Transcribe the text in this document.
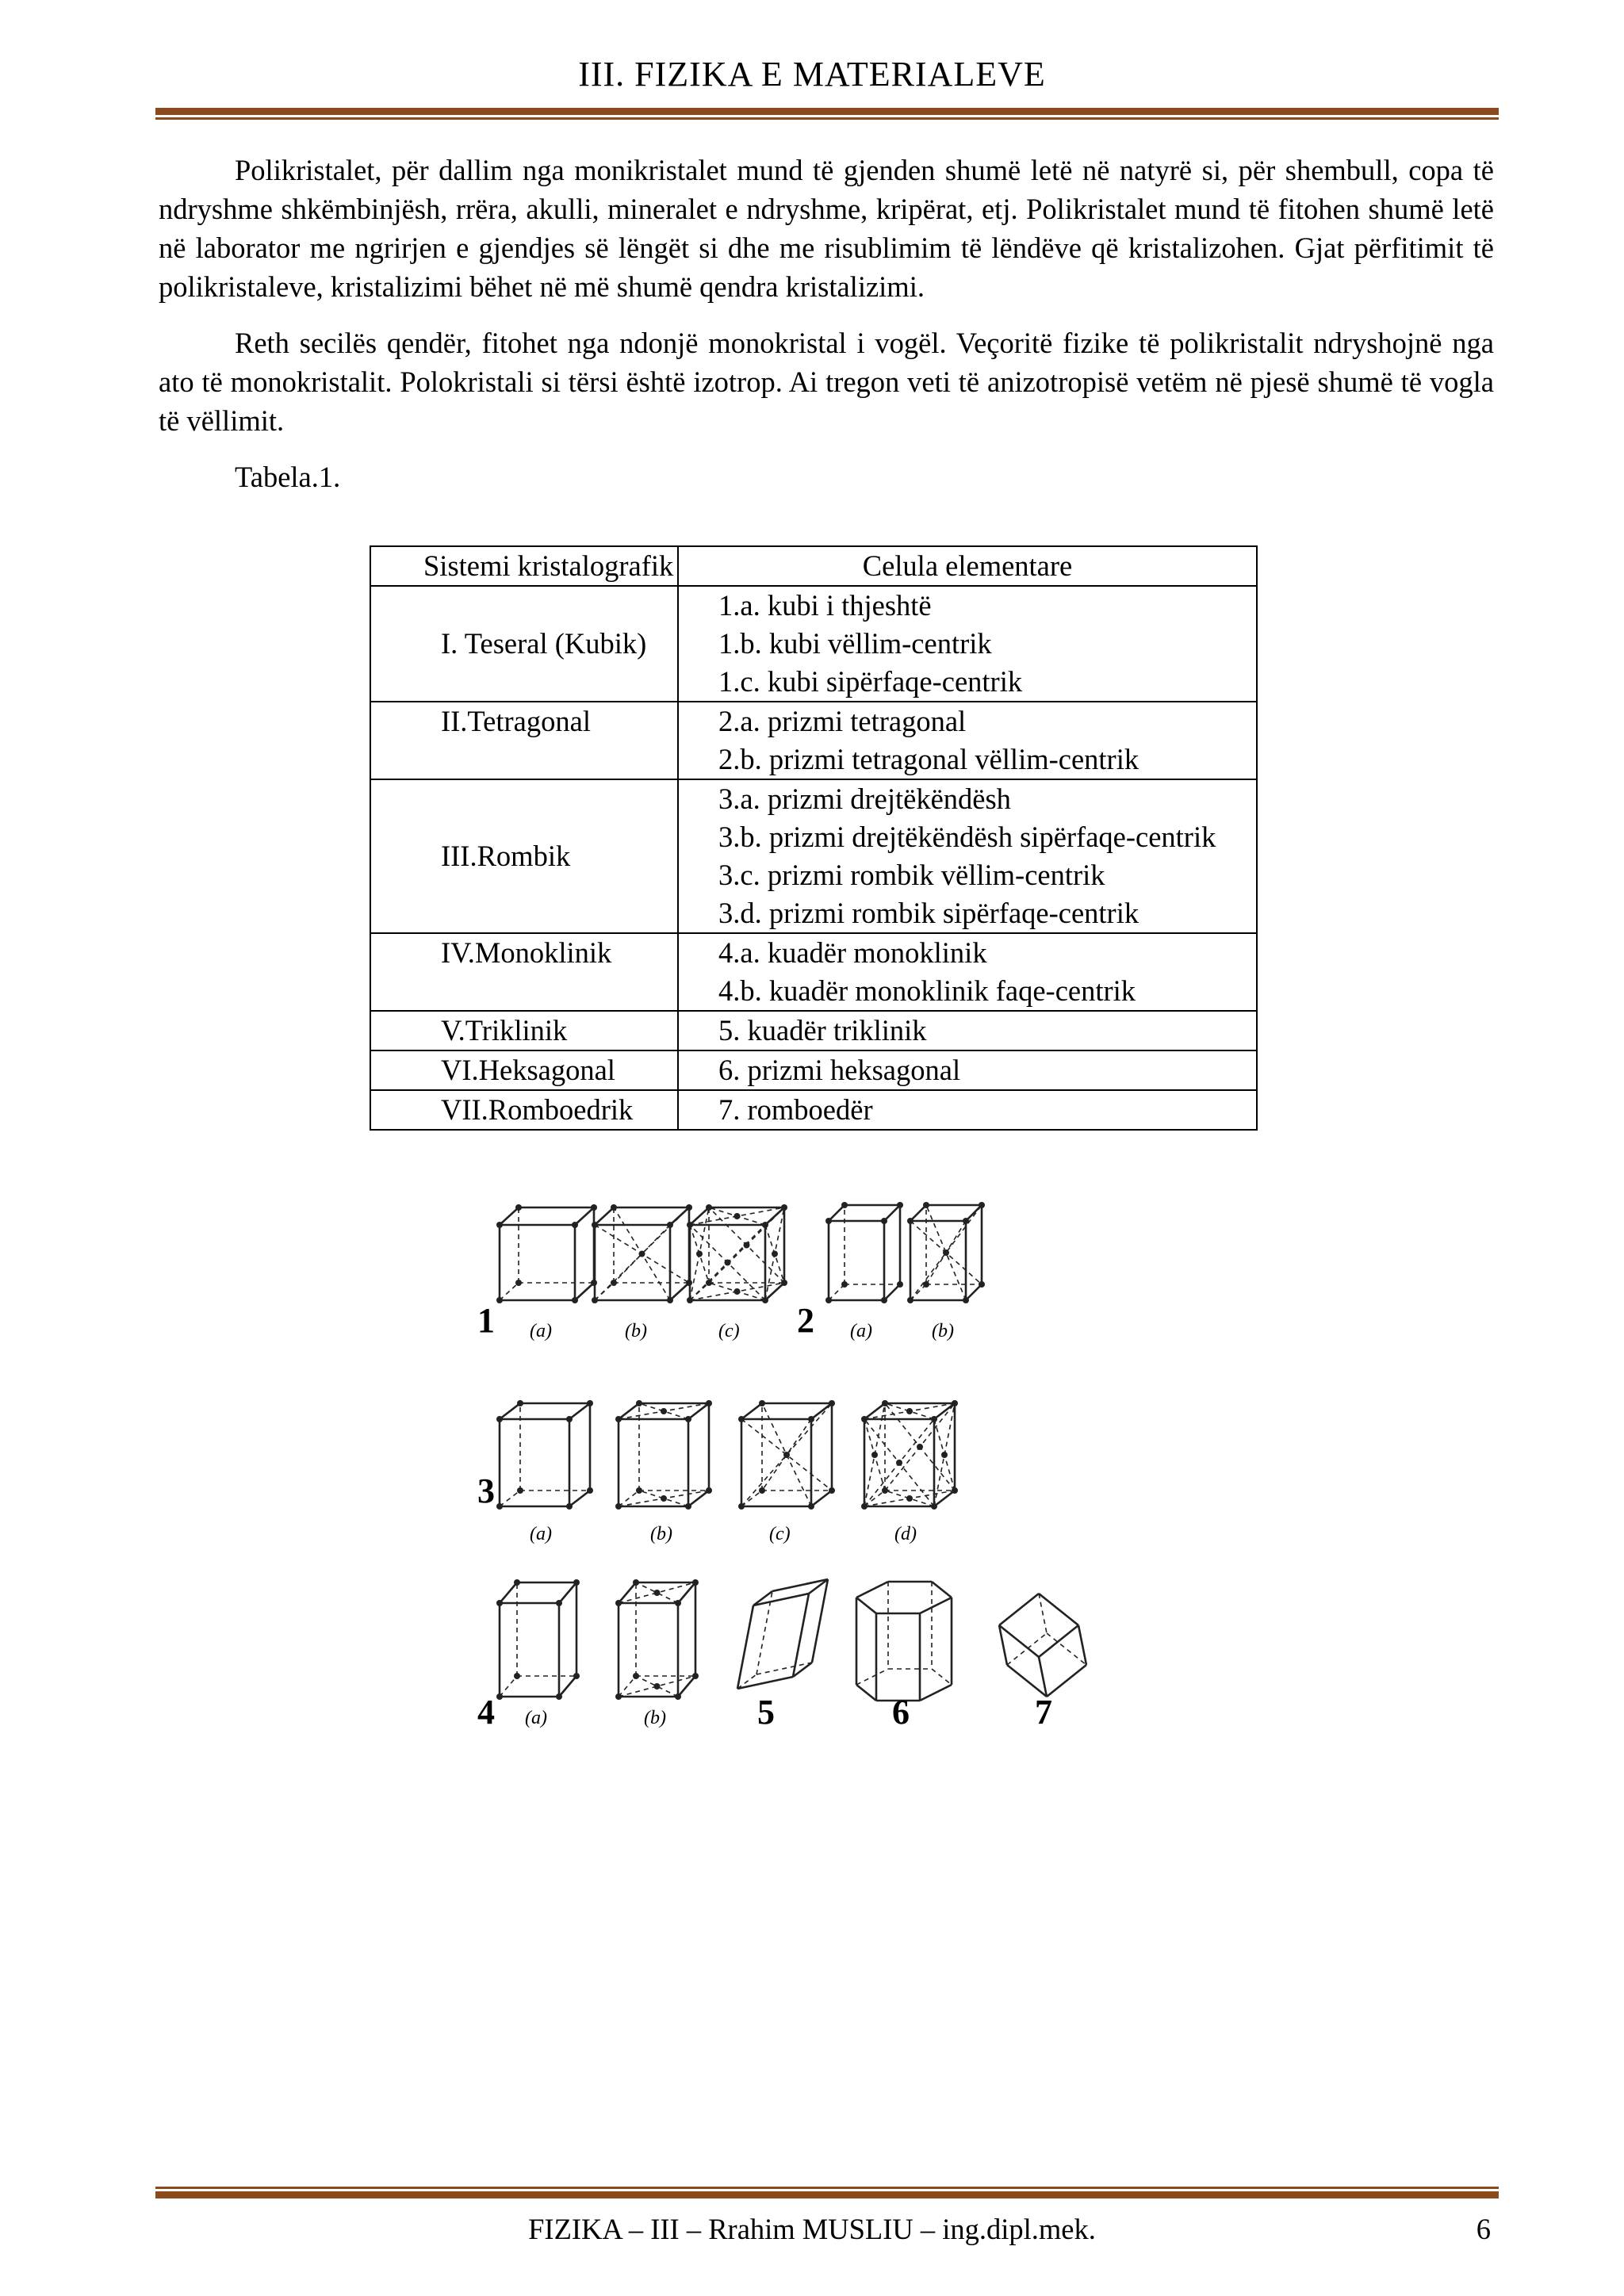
III. FIZIKA E MATERIALEVE

Polikristalet, për dallim nga monikristalet mund të gjenden shumë letë në natyrë si, për shembull, copa të ndryshme shkëmbinjësh, rrëra, akulli, mineralet e ndryshme, kripërat, etj. Polikristalet mund të fitohen shumë letë në laborator me ngrirjen e gjendjes së lëngët si dhe me risublimim të lëndëve që kristalizohen. Gjat përfitimit të polikristaleve, kristalizimi bëhet në më shumë qendra kristalizimi.

Reth secilës qendër, fitohet nga ndonjë monokristal i vogël. Veçoritë fizike të polikristalit ndryshojnë nga ato të monokristalit. Polokristali si tërsi është izotrop. Ai tregon veti të anizotropisë vetëm në pjesë shumë të vogla të vëllimit.

Tabela.1.

Sistemi kristalografik	Celula elementare
I. Teseral (Kubik)	1.a. kubi i thjeshtë
1.b. kubi vëllim-centrik
1.c. kubi sipërfaqe-centrik

II.Tetragonal	2.a. prizmi tetragonal
2.b. prizmi tetragonal vëllim-centrik

III.Rombik	3.a. prizmi drejtëkëndësh
3.b. prizmi drejtëkëndësh sipërfaqe-centrik
3.c. prizmi rombik vëllim-centrik
3.d. prizmi rombik sipërfaqe-centrik

IV.Monoklinik	4.a. kuadër monoklinik
4.b. kuadër monoklinik faqe-centrik

V.Triklinik	5. kuadër triklinik

VI.Heksagonal	6. prizmi heksagonal

VII.Romboedrik	7. romboedër
1	2
(a)	(b)	(c)	(a)	(b)
3
(a)	(b)	(c)	(d)
4	5	6	7
(a)	(b)
FIZIKA – III – Rrahim MUSLIU – ing.dipl.mek.	6
